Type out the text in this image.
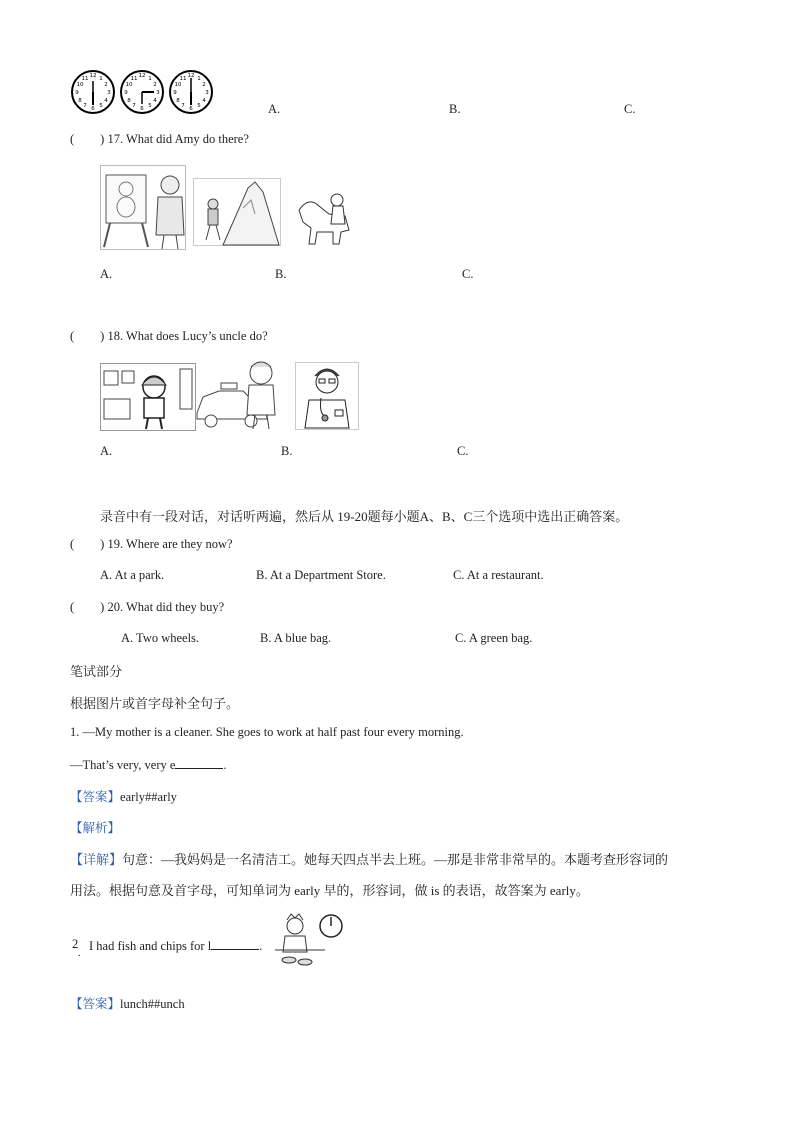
12
3
6
9
1
2
4
5
7
8
10
11	12
3
6
9
1
2
4
5
7
8
10
11	12
3
6
9
1
2
4
5
7
8
10
11
A.	B.	C.
( ) 17. What did Amy do there?
A.	B.	C.
( ) 18. What does Lucy’s uncle do?
A.	B.	C.
录音中有一段对话，对话听两遍，然后从 19-20题每小题A、B、C三个选项中选出正确答案。
( ) 19. Where are they now?
A. At a park.	B. At a Department Store.	C. At a restaurant.
( ) 20. What did they buy?
A. Two wheels.	B. A blue bag.	C. A green bag.
笔试部分
根据图片或首字母补全句子。
1. —My mother is a cleaner. She goes to work at half past four every morning.
—That’s very, very e	.
【答案】early##arly
【解析】
【详解】句意：—我妈妈是一名清洁工。她每天四点半去上班。—那是非常非常早的。本题考查形容词的
用法。根据句意及首字母，可知单词为 early 早的，形容词，做 is 的表语，故答案为 early。
2
.
I had fish and chips for l	.
【答案】lunch##unch
